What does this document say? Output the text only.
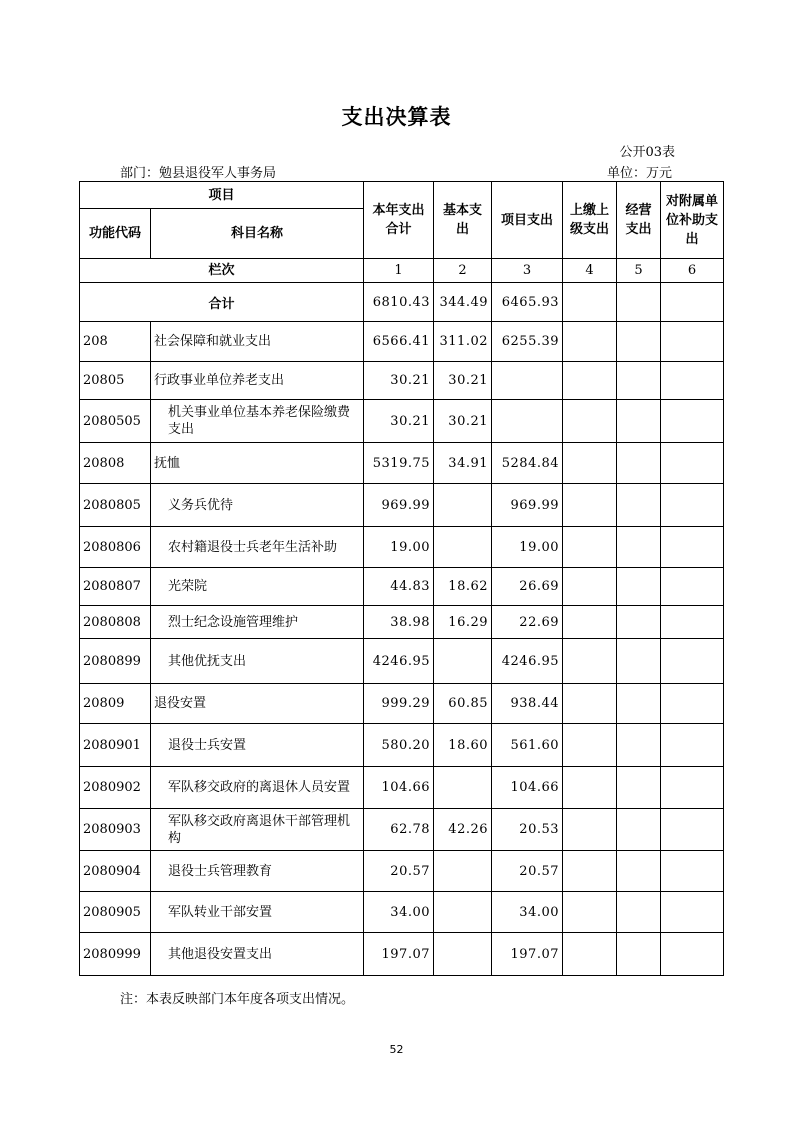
支出决算表
公开03表
部门：勉县退役军人事务局	单位：万元
项目		本年支出合计	基本支出	项目支出	上缴上级支出	经营支出	对附属单位补助支出
功能代码	科目名称						
栏次		1	2	3	4	5	6
合计		6810.43	344.49	6465.93			
208	社会保障和就业支出	6566.41	311.02	6255.39			
20805	行政事业单位养老支出	30.21	30.21				
2080505	机关事业单位基本养老保险缴费支出	30.21	30.21				
20808	抚恤	5319.75	34.91	5284.84			
2080805	义务兵优待	969.99		969.99			
2080806	农村籍退役士兵老年生活补助	19.00		19.00			
2080807	光荣院	44.83	18.62	26.69			
2080808	烈士纪念设施管理维护	38.98	16.29	22.69			
2080899	其他优抚支出	4246.95		4246.95			
20809	退役安置	999.29	60.85	938.44			
2080901	退役士兵安置	580.20	18.60	561.60			
2080902	军队移交政府的离退休人员安置	104.66		104.66			
2080903	军队移交政府离退休干部管理机构	62.78	42.26	20.53			
2080904	退役士兵管理教育	20.57		20.57			
2080905	军队转业干部安置	34.00		34.00			
2080999	其他退役安置支出	197.07		197.07			
注：本表反映部门本年度各项支出情况。
52
